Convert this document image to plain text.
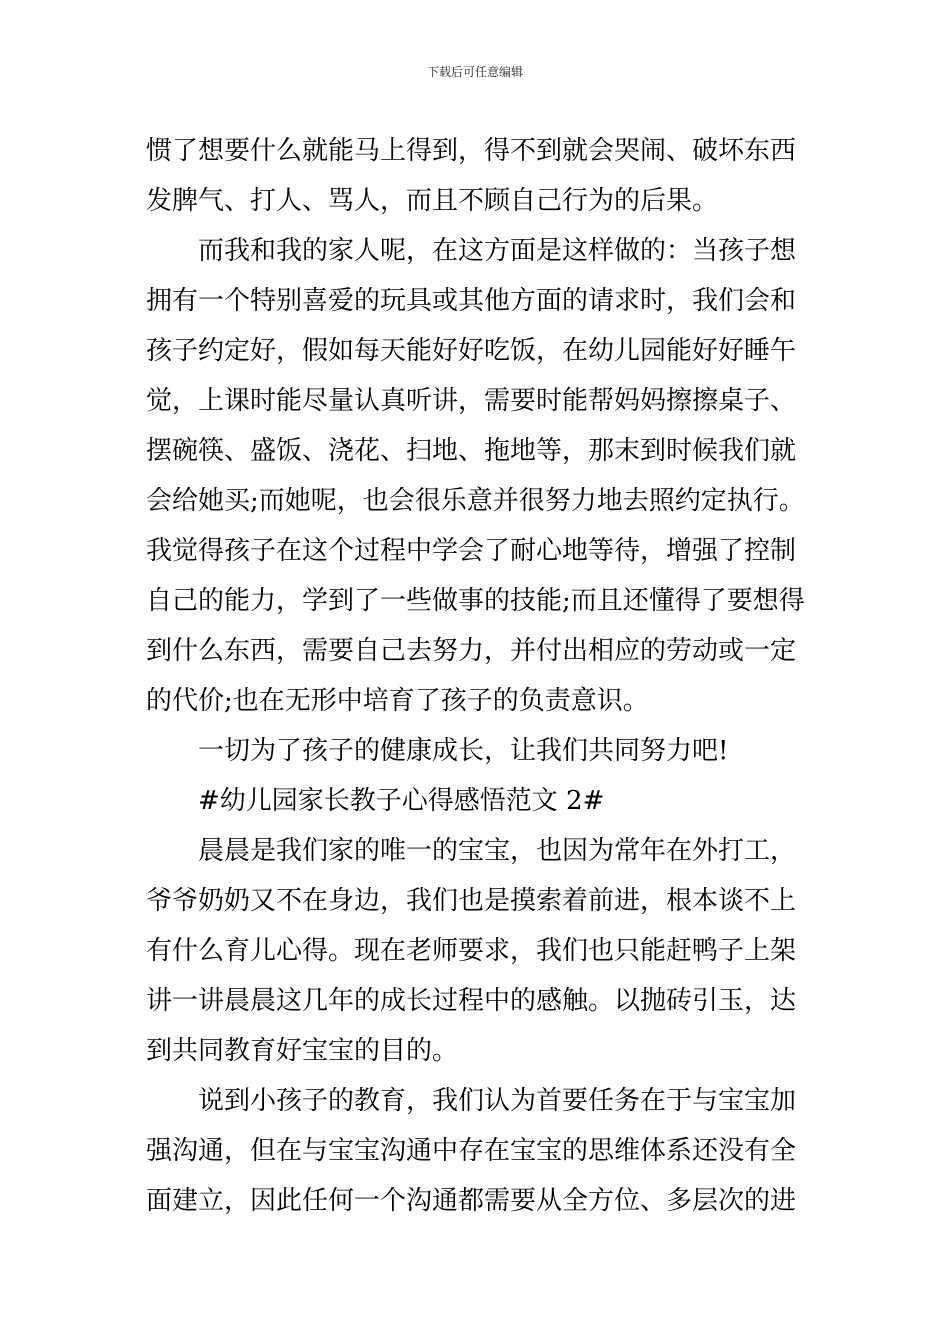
下载后可任意编辑
惯了想要什么就能马上得到，得不到就会哭闹、破坏东西
发脾气、打人、骂人，而且不顾自己行为的后果。
而我和我的家人呢，在这方面是这样做的：当孩子想
拥有一个特别喜爱的玩具或其他方面的请求时，我们会和
孩子约定好，假如每天能好好吃饭，在幼儿园能好好睡午
觉，上课时能尽量认真听讲，需要时能帮妈妈擦擦桌子、
摆碗筷、盛饭、浇花、扫地、拖地等，那末到时候我们就
会给她买;而她呢，也会很乐意并很努力地去照约定执行。
我觉得孩子在这个过程中学会了耐心地等待，增强了控制
自己的能力，学到了一些做事的技能;而且还懂得了要想得
到什么东西，需要自己去努力，并付出相应的劳动或一定
的代价;也在无形中培育了孩子的负责意识。
一切为了孩子的健康成长，让我们共同努力吧!
#幼儿园家长教子心得感悟范文 2#
晨晨是我们家的唯一的宝宝，也因为常年在外打工，
爷爷奶奶又不在身边，我们也是摸索着前进，根本谈不上
有什么育儿心得。现在老师要求，我们也只能赶鸭子上架
讲一讲晨晨这几年的成长过程中的感触。以抛砖引玉，达
到共同教育好宝宝的目的。
说到小孩子的教育，我们认为首要任务在于与宝宝加
强沟通，但在与宝宝沟通中存在宝宝的思维体系还没有全
面建立，因此任何一个沟通都需要从全方位、多层次的进
